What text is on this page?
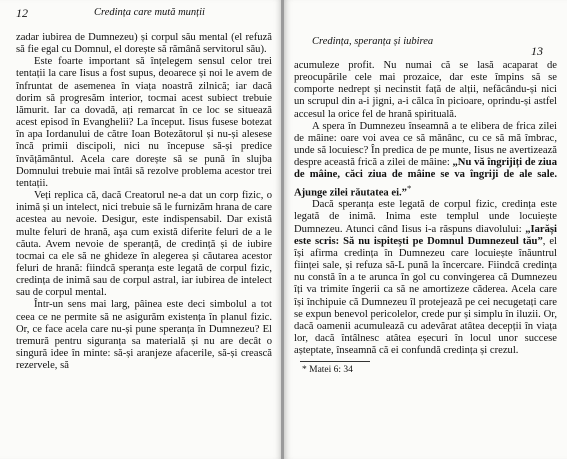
12	Credința care mută munții

zadar iubirea de Dumnezeu) și corpul său mental (el refuză să fie egal cu Domnul, el dorește să rămână servitorul său).

Este foarte important să înțelegem sensul celor trei tentații la care Iisus a fost supus, deoarece și noi le avem de înfruntat de asemenea în viața noastră zilnică; iar dacă dorim să progresăm interior, tocmai acest subiect trebuie lămurit. Iar ca dovadă, ați remarcat în ce loc se situează acest episod în Evanghelii? La început. Iisus fusese botezat în apa Iordanului de către Ioan Botezătorul și nu-și alesese încă primii discipoli, nici nu începuse să-și predice învățământul. Acela care dorește să se pună în slujba Domnului trebuie mai întâi să rezolve problema acestor trei tentații.

Veți replica că, dacă Creatorul ne-a dat un corp fizic, o inimă și un intelect, nici trebuie să le furnizăm hrana de care acestea au nevoie. Desigur, este indispensabil. Dar există multe feluri de hrană, aşa cum există diferite feluri de a le căuta. Avem nevoie de speranță, de credință și de iubire tocmai ca ele să ne ghideze în alegerea și căutarea acestor feluri de hrană: fiindcă speranța este legată de corpul fizic, credința de inimă sau de corpul astral, iar iubirea de intelect sau de corpul mental.

Într-un sens mai larg, pâinea este deci simbolul a tot ceea ce ne permite să ne asigurăm existența în planul fizic. Or, ce face acela care nu-și pune speranța în Dumnezeu? El tremură pentru siguranța sa materială și nu are decât o singură idee în minte: să-și aranjeze afacerile, să-și crească rezervele, să

Credința, speranța și iubirea
13

acumuleze profit. Nu numai că se lasă acaparat de preocupările cele mai prozaice, dar este împins să se comporte nedrept și necinstit față de alții, nefăcându-și nici un scrupul din a-i jigni, a-i călca în picioare, oprindu-și astfel accesul la orice fel de hrană spirituală.

A spera în Dumnezeu înseamnă a te elibera de frica zilei de mâine: oare voi avea ce să mănânc, cu ce să mă îmbrac, unde să locuiesc? În predica de pe munte, Iisus ne avertizează despre această frică a zilei de mâine: „Nu vă îngrijiți de ziua de mâine, căci ziua de mâine se va îngriji de ale sale. Ajunge zilei răutatea ei.”*

Dacă speranța este legată de corpul fizic, credința este legată de inimă. Inima este templul unde locuiește Dumnezeu. Atunci când Iisus i-a răspuns diavolului: „Iarăși este scris: Să nu ispitești pe Domnul Dumnezeul tău”, el își afirma credința în Dumnezeu care locuiește înăuntrul ființei sale, și refuza să-L pună la încercare. Fiindcă credința nu constă în a te arunca în gol cu convingerea că Dumnezeu îți va trimite îngerii ca să ne amortizeze căderea. Acela care își închipuie că Dumnezeu îl protejează pe cei necugetați care se expun benevol pericolelor, crede pur și simplu în iluzii. Or, dacă oamenii acumulează cu adevărat atâtea decepții în viața lor, dacă întâlnesc atâtea eșecuri în locul unor succese așteptate, înseamnă că ei confundă credința și crezul.

* Matei 6: 34
